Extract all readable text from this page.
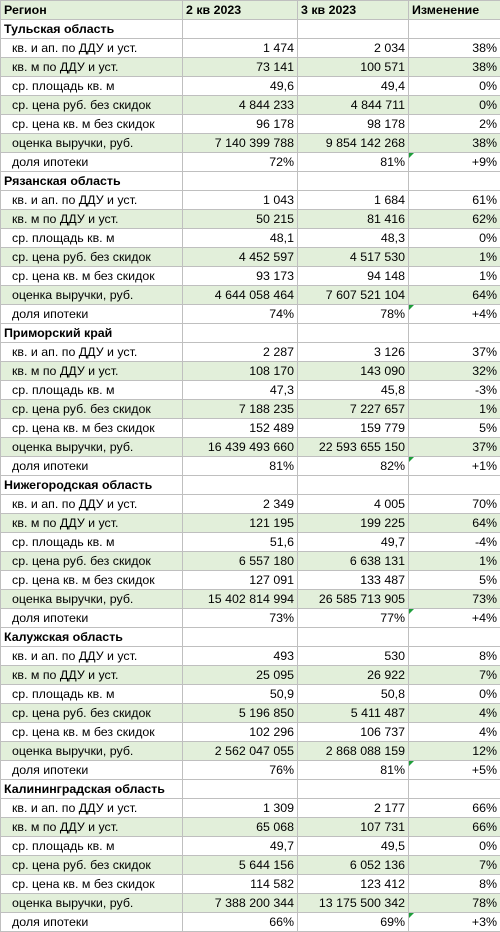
Регион	2 кв 2023	3 кв 2023	Изменение
Тульская область			
кв. и ап. по ДДУ и уст.	1 474	2 034	38%
кв. м по ДДУ и уст.	73 141	100 571	38%
ср. площадь кв. м	49,6	49,4	0%
ср. цена руб. без скидок	4 844 233	4 844 711	0%
ср. цена кв. м без скидок	96 178	98 178	2%
оценка выручки, руб.	7 140 399 788	9 854 142 268	38%
доля ипотеки	72%	81%	+9%
Рязанская область			
кв. и ап. по ДДУ и уст.	1 043	1 684	61%
кв. м по ДДУ и уст.	50 215	81 416	62%
ср. площадь кв. м	48,1	48,3	0%
ср. цена руб. без скидок	4 452 597	4 517 530	1%
ср. цена кв. м без скидок	93 173	94 148	1%
оценка выручки, руб.	4 644 058 464	7 607 521 104	64%
доля ипотеки	74%	78%	+4%
Приморский край			
кв. и ап. по ДДУ и уст.	2 287	3 126	37%
кв. м по ДДУ и уст.	108 170	143 090	32%
ср. площадь кв. м	47,3	45,8	-3%
ср. цена руб. без скидок	7 188 235	7 227 657	1%
ср. цена кв. м без скидок	152 489	159 779	5%
оценка выручки, руб.	16 439 493 660	22 593 655 150	37%
доля ипотеки	81%	82%	+1%
Нижегородская область			
кв. и ап. по ДДУ и уст.	2 349	4 005	70%
кв. м по ДДУ и уст.	121 195	199 225	64%
ср. площадь кв. м	51,6	49,7	-4%
ср. цена руб. без скидок	6 557 180	6 638 131	1%
ср. цена кв. м без скидок	127 091	133 487	5%
оценка выручки, руб.	15 402 814 994	26 585 713 905	73%
доля ипотеки	73%	77%	+4%
Калужская область			
кв. и ап. по ДДУ и уст.	493	530	8%
кв. м по ДДУ и уст.	25 095	26 922	7%
ср. площадь кв. м	50,9	50,8	0%
ср. цена руб. без скидок	5 196 850	5 411 487	4%
ср. цена кв. м без скидок	102 296	106 737	4%
оценка выручки, руб.	2 562 047 055	2 868 088 159	12%
доля ипотеки	76%	81%	+5%
Калининградская область			
кв. и ап. по ДДУ и уст.	1 309	2 177	66%
кв. м по ДДУ и уст.	65 068	107 731	66%
ср. площадь кв. м	49,7	49,5	0%
ср. цена руб. без скидок	5 644 156	6 052 136	7%
ср. цена кв. м без скидок	114 582	123 412	8%
оценка выручки, руб.	7 388 200 344	13 175 500 342	78%
доля ипотеки	66%	69%	+3%
